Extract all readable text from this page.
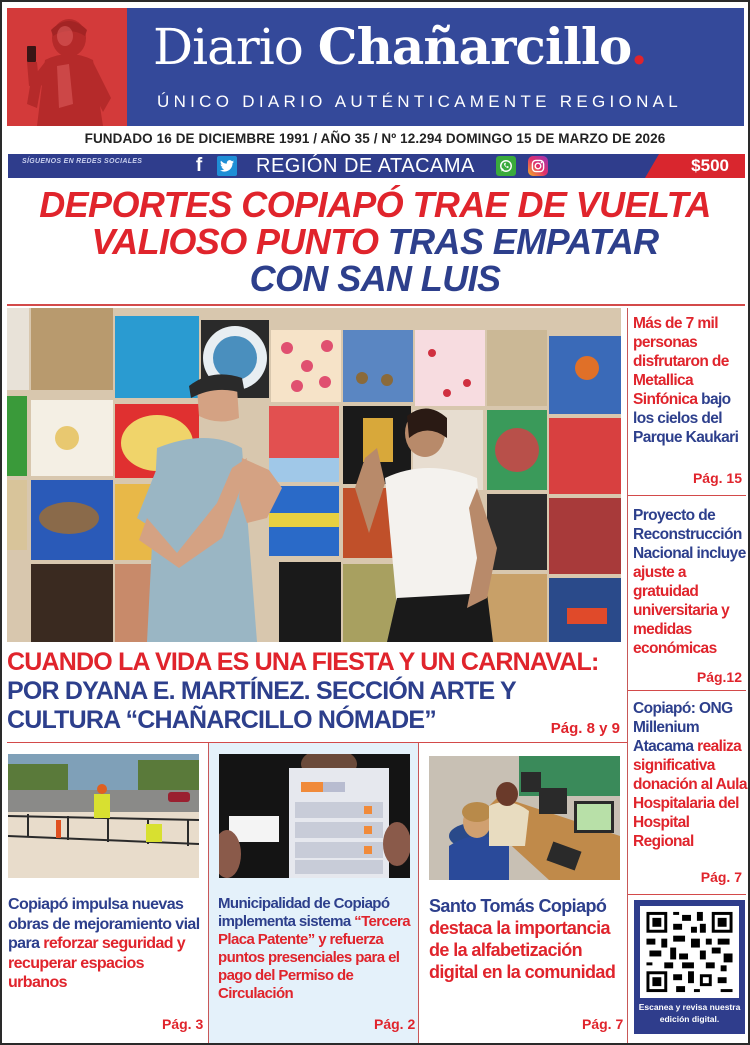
Diario Chañarcillo.
ÚNICO DIARIO AUTÉNTICAMENTE REGIONAL
FUNDADO 16 DE DICIEMBRE 1991 / AÑO 35 / Nº 12.294 DOMINGO 15 DE MARZO DE 2026
SÍGUENOS EN REDES SOCIALES	f	REGIÓN DE ATACAMA	$500
DEPORTES COPIAPÓ TRAE DE VUELTA
VALIOSO PUNTO TRAS EMPATAR
CON SAN LUIS
CUANDO LA VIDA ES UNA FIESTA Y UN CARNAVAL:
POR DYANA E. MARTÍNEZ. SECCIÓN ARTE Y
CULTURA “CHAÑARCILLO NÓMADE”	Pág. 8 y 9
Más de 7 mil personas disfrutaron de Metallica Sinfónica bajo los cielos del Parque Kaukari
Pág. 15
Proyecto de Reconstrucción Nacional incluye ajuste a gratuidad universitaria y medidas económicas
Pág.12
Copiapó: ONG Millenium Atacama realiza significativa donación al Aula Hospitalaria del Hospital Regional
Pág. 7
Copiapó impulsa nuevas obras de mejoramiento vial para reforzar seguridad y recuperar espacios urbanos
Pág. 3
Municipalidad de Copiapó implementa sistema “Tercera Placa Patente” y refuerza puntos presenciales para el pago del Permiso de Circulación
Pág. 2
Santo Tomás Copiapó destaca la importancia de la alfabetización digital en la comunidad
Pág. 7
Escanea y revisa nuestra edición digital.
